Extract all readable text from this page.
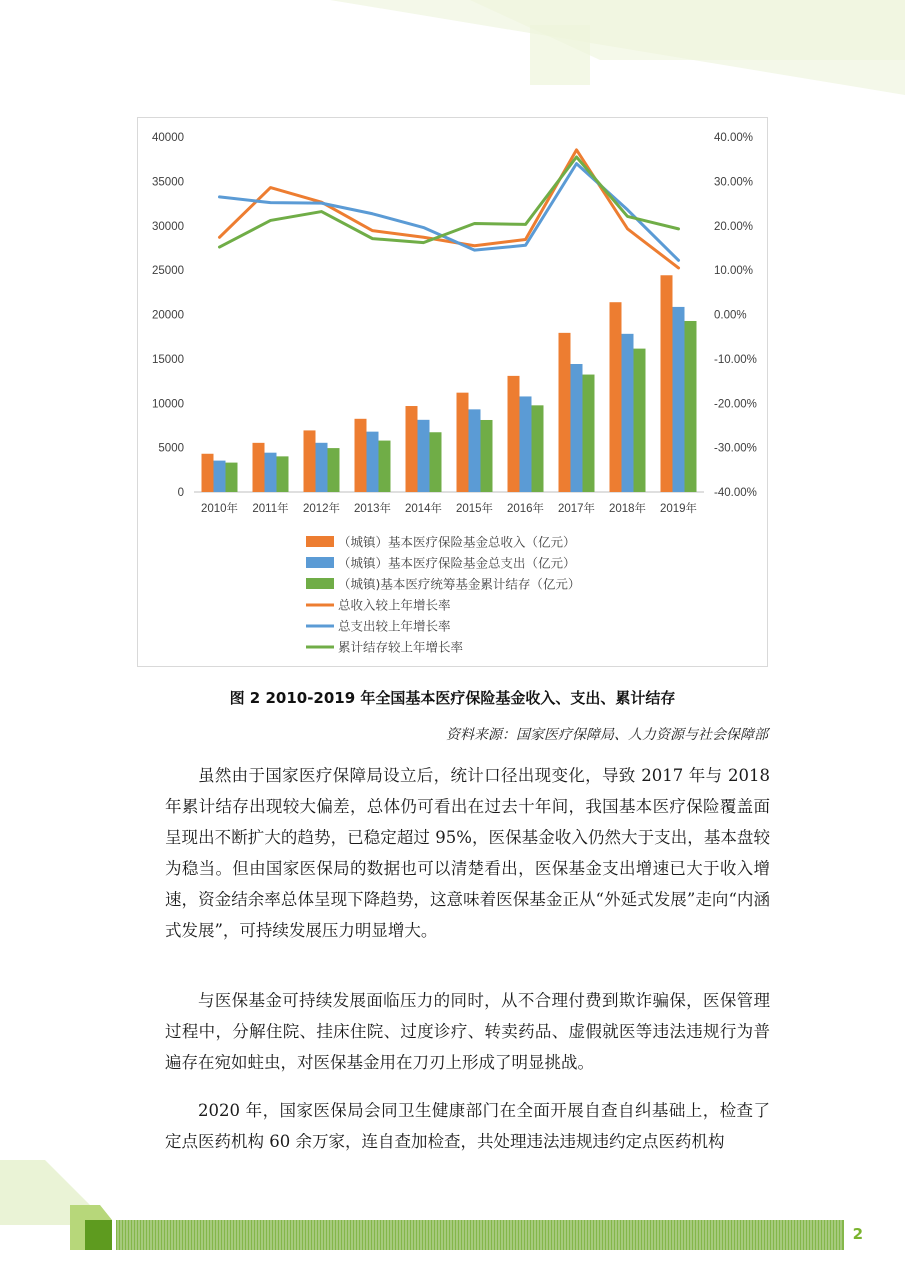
40000
35000
30000
25000
20000
15000
10000
5000
0
40.00%
30.00%
20.00%
10.00%
0.00%
-10.00%
-20.00%
-30.00%
-40.00%
2010年 2011年 2012年 2013年 2014年 2015年 2016年 2017年 2018年 2019年
（城镇）基本医疗保险基金总收入（亿元）
（城镇）基本医疗保险基金总支出（亿元）
（城镇)基本医疗统筹基金累计结存（亿元）
总收入较上年增长率
总支出较上年增长率
累计结存较上年增长率
图 2 2010-2019 年全国基本医疗保险基金收入、支出、累计结存
资料来源：国家医疗保障局、人力资源与社会保障部

虽然由于国家医疗保障局设立后，统计口径出现变化，导致 2017 年与 2018 年累计结存出现较大偏差，总体仍可看出在过去十年间，我国基本医疗保险覆盖面呈现出不断扩大的趋势，已稳定超过 95%，医保基金收入仍然大于支出，基本盘较为稳当。但由国家医保局的数据也可以清楚看出，医保基金支出增速已大于收入增速，资金结余率总体呈现下降趋势，这意味着医保基金正从“外延式发展”走向“内涵式发展”，可持续发展压力明显增大。

与医保基金可持续发展面临压力的同时，从不合理付费到欺诈骗保，医保管理过程中，分解住院、挂床住院、过度诊疗、转卖药品、虚假就医等违法违规行为普遍存在宛如蛀虫，对医保基金用在刀刃上形成了明显挑战。

2020 年，国家医保局会同卫生健康部门在全面开展自查自纠基础上，检查了定点医药机构 60 余万家，连自查加检查，共处理违法违规违约定点医药机构

2
